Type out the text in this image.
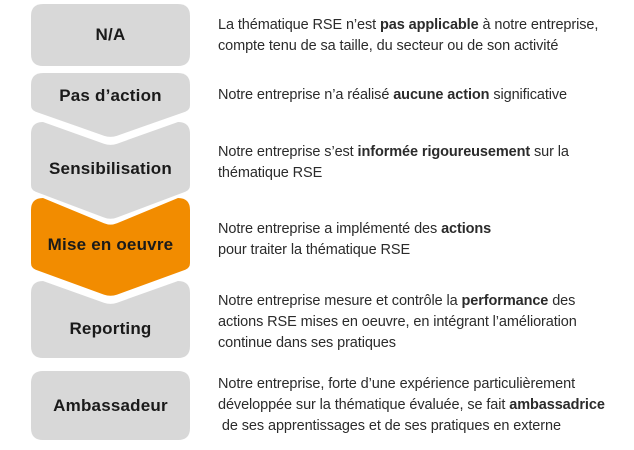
N/A
Pas d’action
Sensibilisation
Mise en oeuvre
Reporting
Ambassadeur
La thématique RSE n’est pas applicable à notre entreprise,
compte tenu de sa taille, du secteur ou de son activité
Notre entreprise n’a réalisé aucune action significative
Notre entreprise s’est informée rigoureusement sur la
thématique RSE
Notre entreprise a implémenté des actions
pour traiter la thématique RSE
Notre entreprise mesure et contrôle la performance des
actions RSE mises en oeuvre, en intégrant l’amélioration
continue dans ses pratiques
Notre entreprise, forte d’une expérience particulièrement
développée sur la thématique évaluée, se fait ambassadrice
de ses apprentissages et de ses pratiques en externe
